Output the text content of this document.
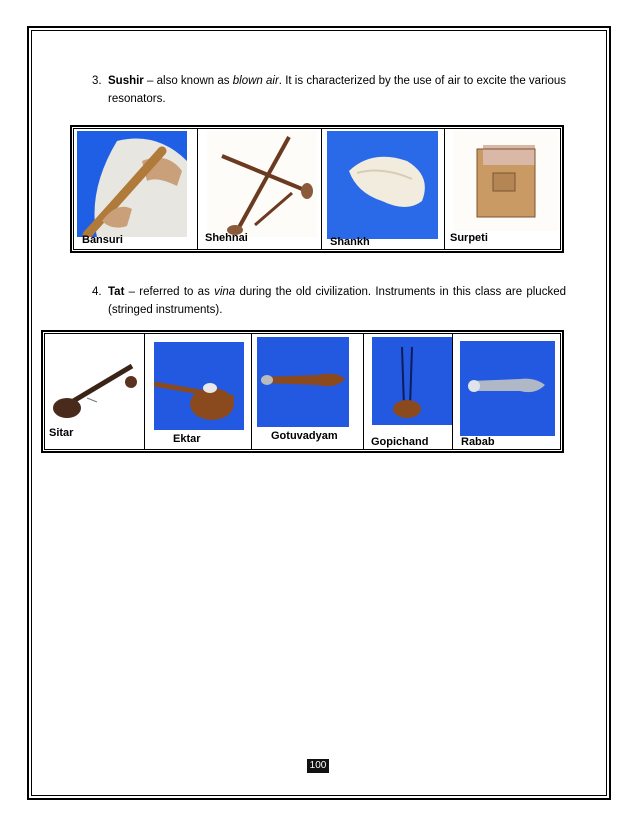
3. Sushir – also known as blown air. It is characterized by the use of air to excite the various resonators.
Bansuri	Shehnai	Shankh	Surpeti
4. Tat – referred to as vina during the old civilization. Instruments in this class are plucked (stringed instruments).
Sitar	Ektar	Gotuvadyam	Gopichand	Rabab
100
